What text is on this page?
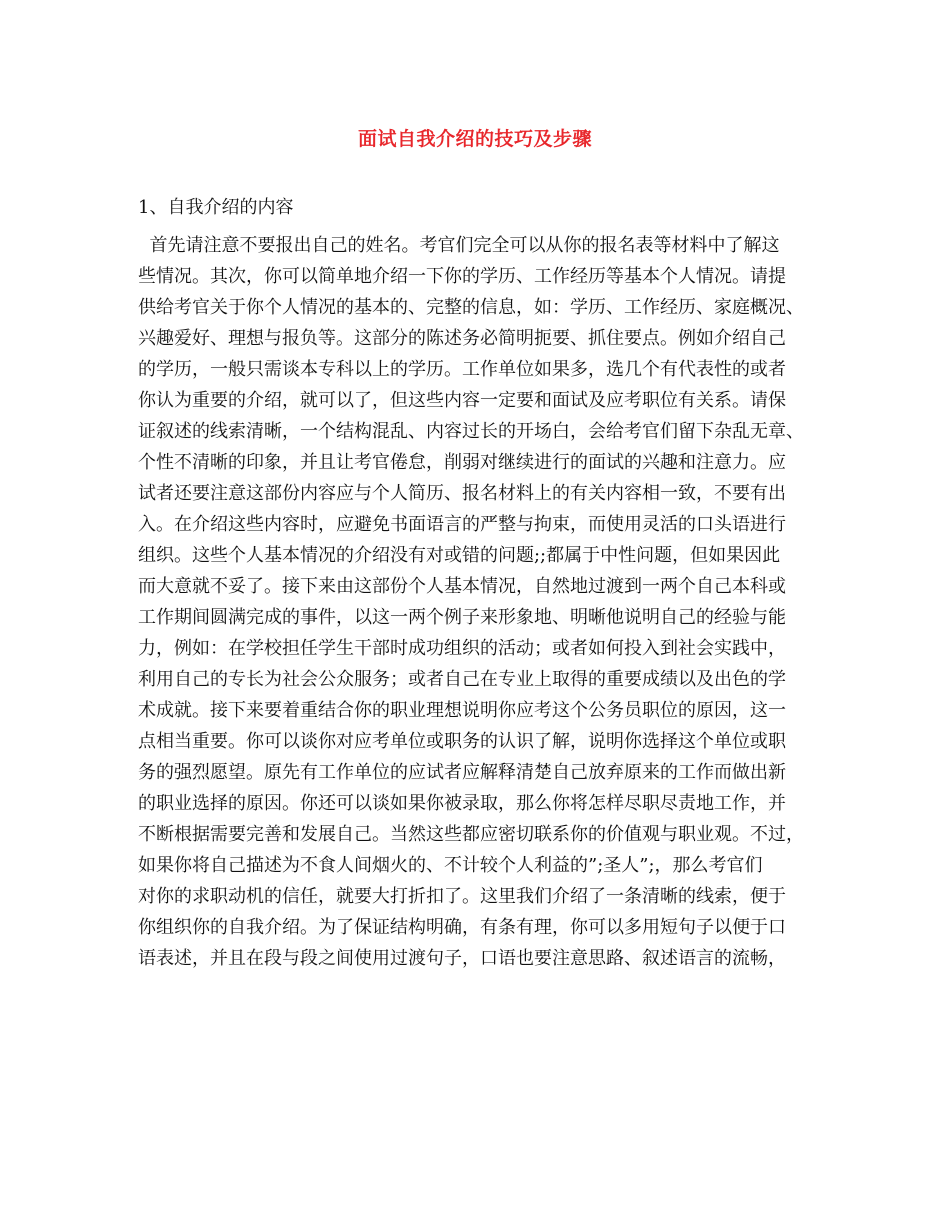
面试自我介绍的技巧及步骤
1、自我介绍的内容
首先请注意不要报出自己的姓名。考官们完全可以从你的报名表等材料中了解这
些情况。其次，你可以简单地介绍一下你的学历、工作经历等基本个人情况。请提
供给考官关于你个人情况的基本的、完整的信息，如：学历、工作经历、家庭概况、
兴趣爱好、理想与报负等。这部分的陈述务必简明扼要、抓住要点。例如介绍自己
的学历，一般只需谈本专科以上的学历。工作单位如果多，选几个有代表性的或者
你认为重要的介绍，就可以了，但这些内容一定要和面试及应考职位有关系。请保
证叙述的线索清晰，一个结构混乱、内容过长的开场白，会给考官们留下杂乱无章、
个性不清晰的印象，并且让考官倦怠，削弱对继续进行的面试的兴趣和注意力。应
试者还要注意这部份内容应与个人简历、报名材料上的有关内容相一致，不要有出
入。在介绍这些内容时，应避免书面语言的严整与拘束，而使用灵活的口头语进行
组织。这些个人基本情况的介绍没有对或错的问题;;都属于中性问题，但如果因此
而大意就不妥了。接下来由这部份个人基本情况，自然地过渡到一两个自己本科或
工作期间圆满完成的事件，以这一两个例子来形象地、明晰他说明自己的经验与能
力，例如：在学校担任学生干部时成功组织的活动；或者如何投入到社会实践中，
利用自己的专长为社会公众服务；或者自己在专业上取得的重要成绩以及出色的学
术成就。接下来要着重结合你的职业理想说明你应考这个公务员职位的原因，这一
点相当重要。你可以谈你对应考单位或职务的认识了解，说明你选择这个单位或职
务的强烈愿望。原先有工作单位的应试者应解释清楚自己放弃原来的工作而做出新
的职业选择的原因。你还可以谈如果你被录取，那么你将怎样尽职尽责地工作，并
不断根据需要完善和发展自己。当然这些都应密切联系你的价值观与职业观。不过，
如果你将自己描述为不食人间烟火的、不计较个人利益的”;圣人”;，那么考官们
对你的求职动机的信任，就要大打折扣了。这里我们介绍了一条清晰的线索，便于
你组织你的自我介绍。为了保证结构明确，有条有理，你可以多用短句子以便于口
语表述，并且在段与段之间使用过渡句子，口语也要注意思路、叙述语言的流畅，
